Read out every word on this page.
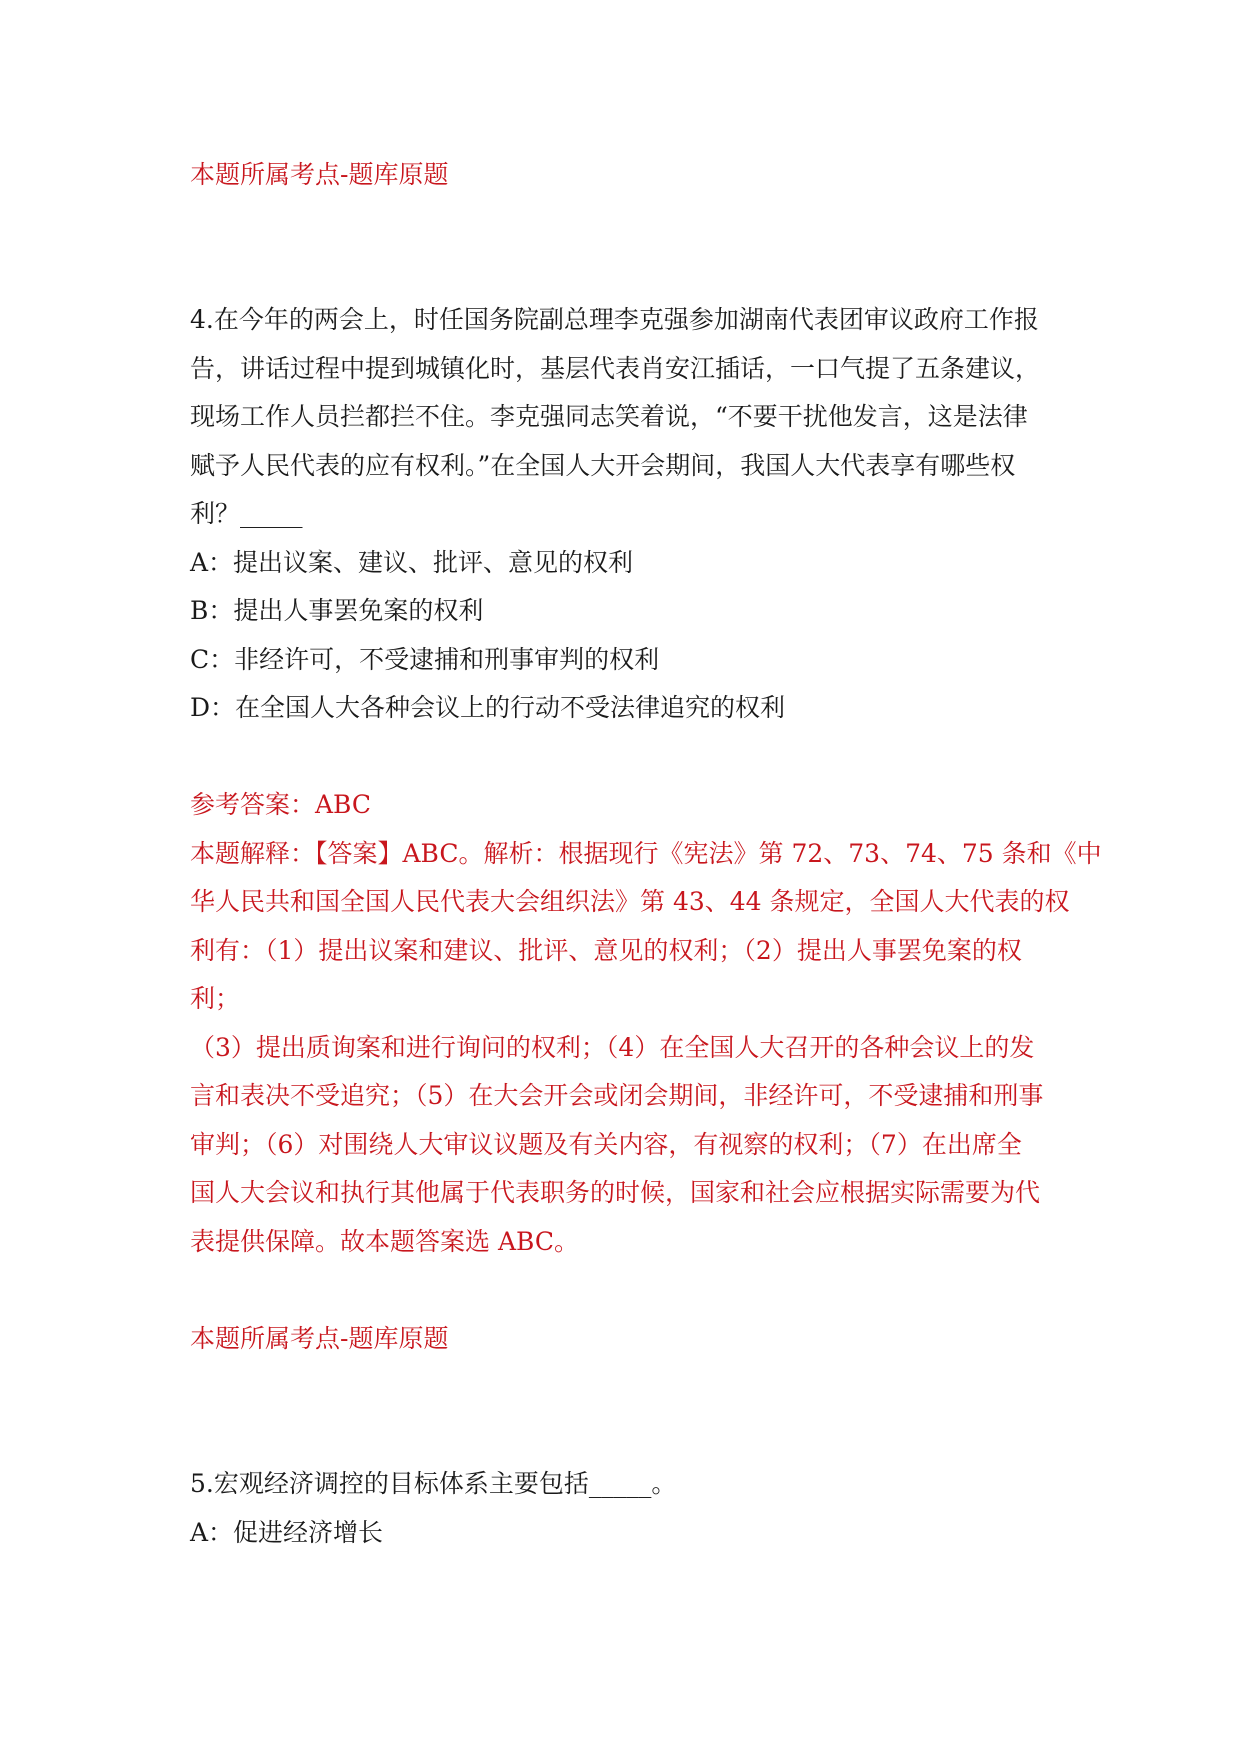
本题所属考点-题库原题
4.在今年的两会上，时任国务院副总理李克强参加湖南代表团审议政府工作报
告，讲话过程中提到城镇化时，基层代表肖安江插话，一口气提了五条建议，
现场工作人员拦都拦不住。李克强同志笑着说，“不要干扰他发言，这是法律
赋予人民代表的应有权利。”在全国人大开会期间，我国人大代表享有哪些权
利？_____
A：提出议案、建议、批评、意见的权利
B：提出人事罢免案的权利
C：非经许可，不受逮捕和刑事审判的权利
D：在全国人大各种会议上的行动不受法律追究的权利
参考答案：ABC
本题解释：【答案】ABC。解析：根据现行《宪法》第 72、73、74、75 条和《中
华人民共和国全国人民代表大会组织法》第 43、44 条规定，全国人大代表的权
利有：（1）提出议案和建议、批评、意见的权利；（2）提出人事罢免案的权
利；
（3）提出质询案和进行询问的权利；（4）在全国人大召开的各种会议上的发
言和表决不受追究；（5）在大会开会或闭会期间，非经许可，不受逮捕和刑事
审判；（6）对围绕人大审议议题及有关内容，有视察的权利；（7）在出席全
国人大会议和执行其他属于代表职务的时候，国家和社会应根据实际需要为代
表提供保障。故本题答案选 ABC。
本题所属考点-题库原题
5.宏观经济调控的目标体系主要包括_____。
A：促进经济增长
